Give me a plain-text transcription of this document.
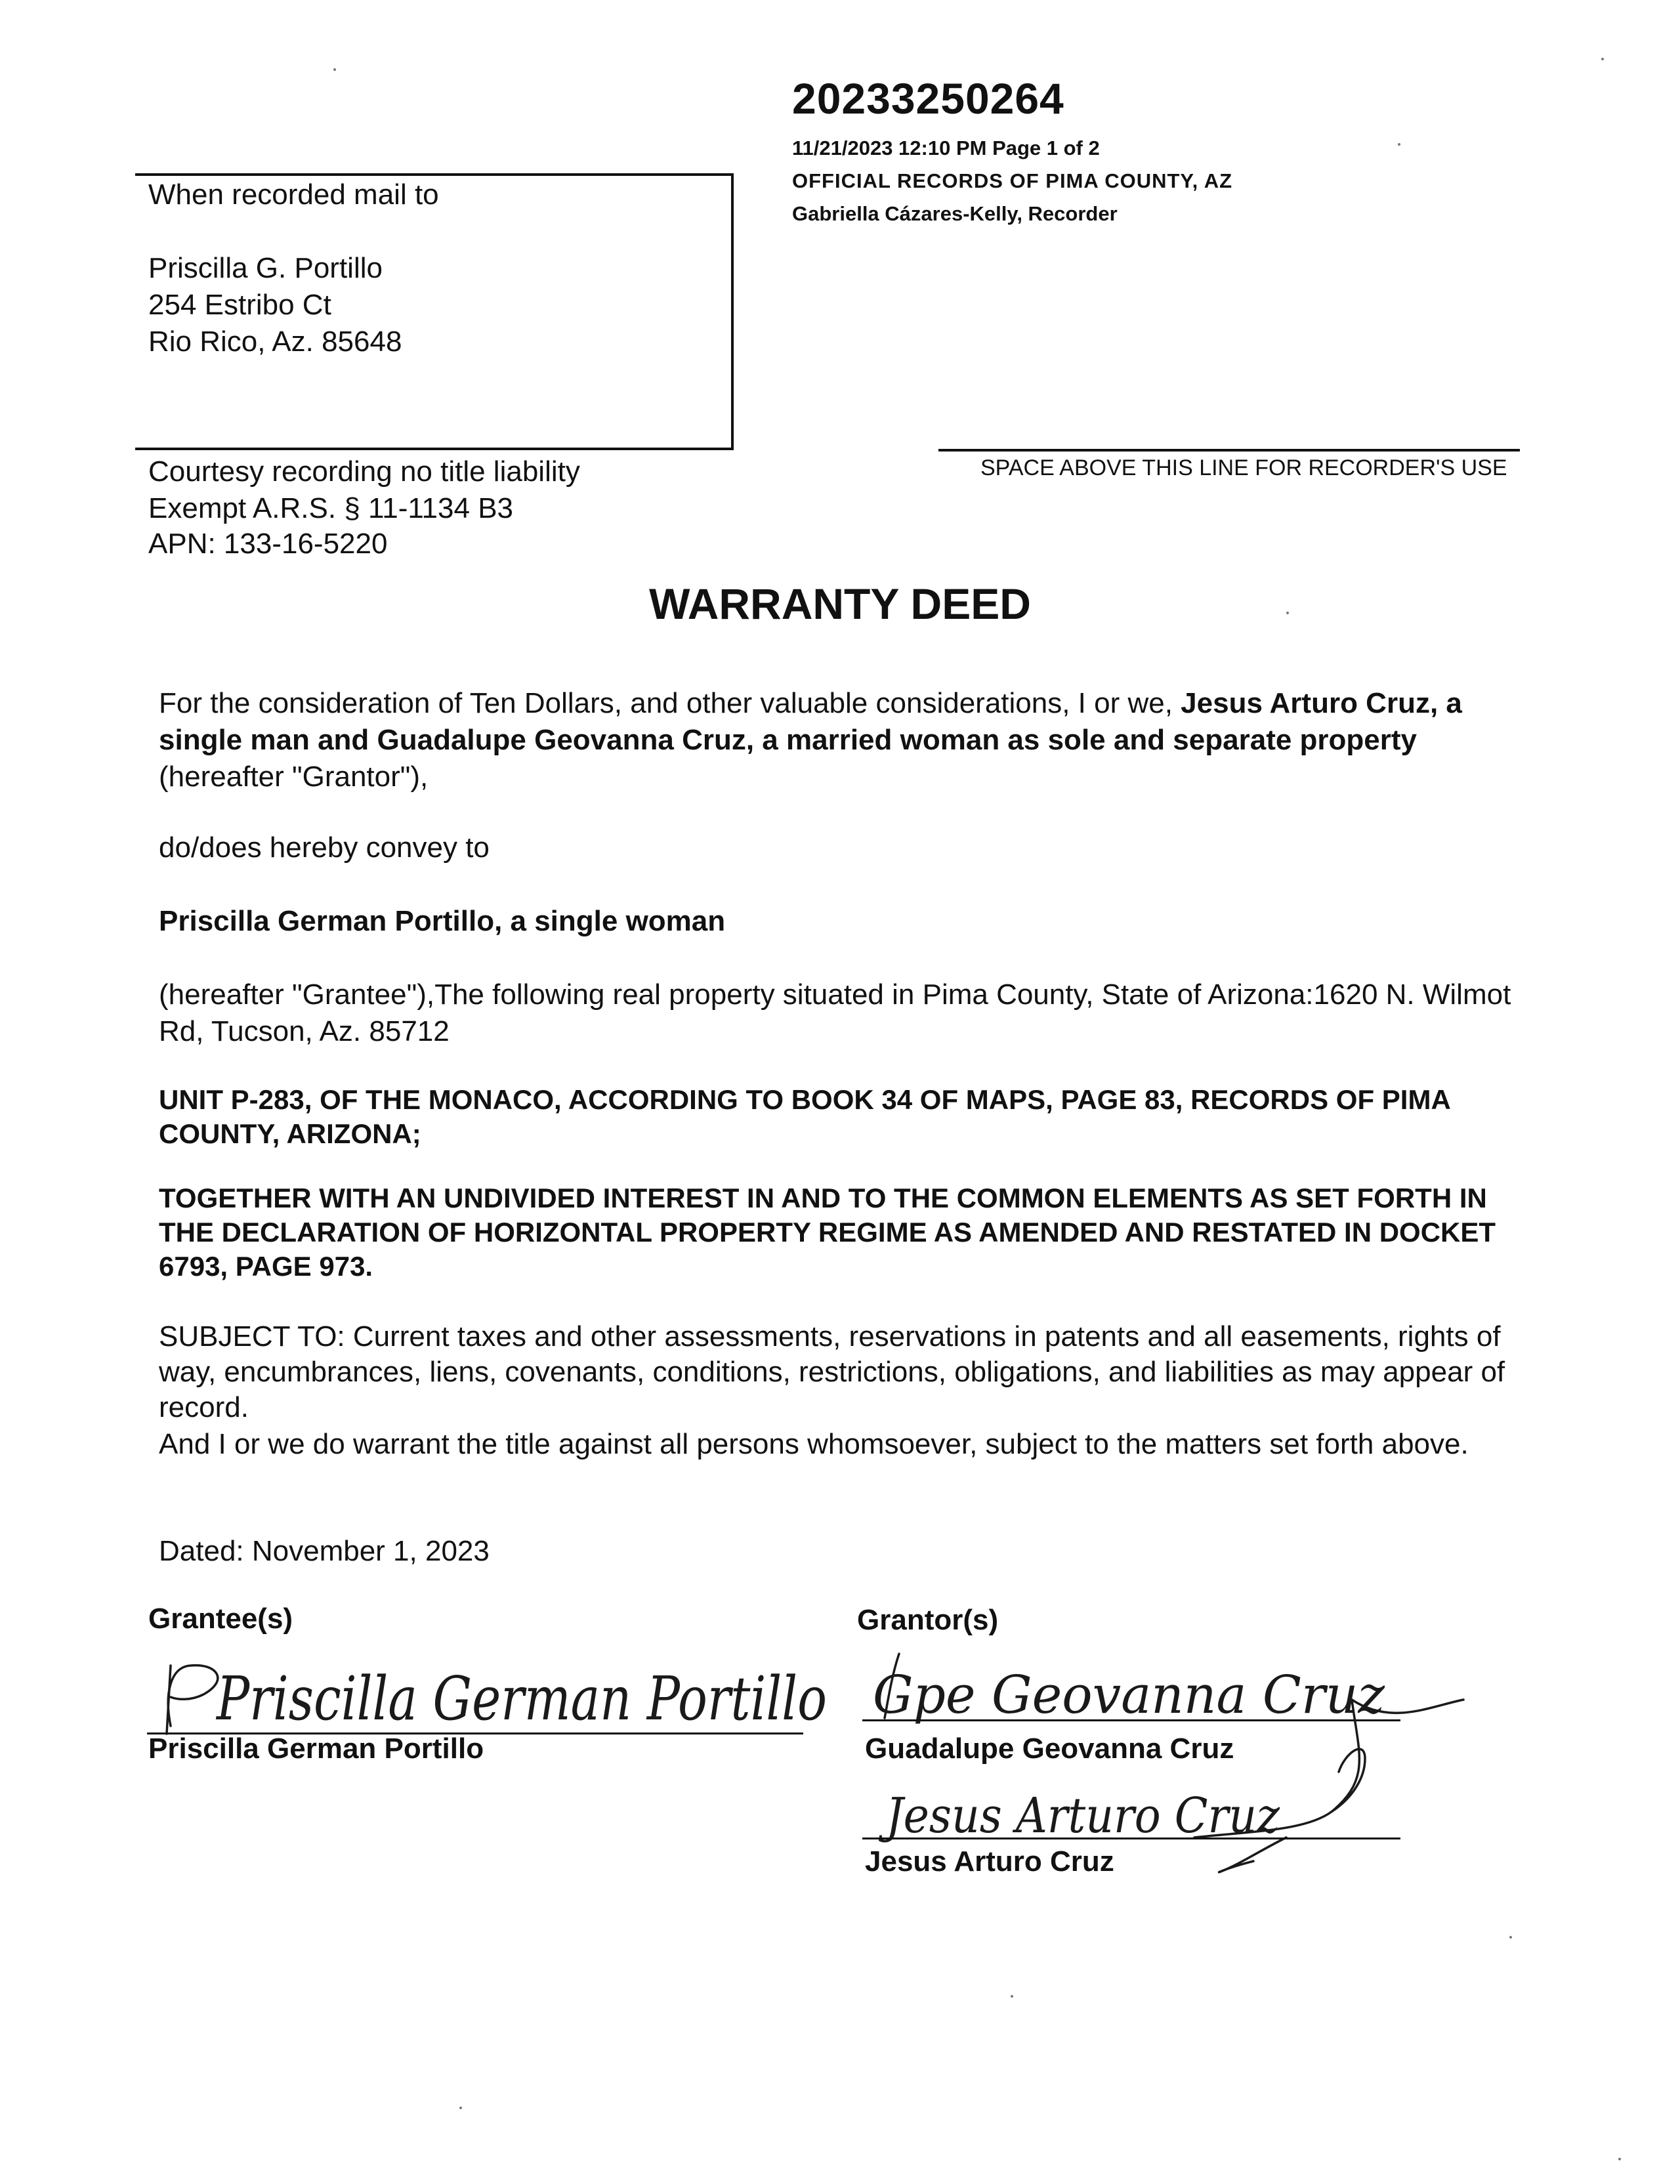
20233250264
11/21/2023 12:10 PM Page 1 of 2
OFFICIAL RECORDS OF PIMA COUNTY, AZ
Gabriella Cázares-Kelly, Recorder
When recorded mail to
Priscilla G. Portillo
254 Estribo Ct
Rio Rico, Az. 85648
SPACE ABOVE THIS LINE FOR RECORDER'S USE
Courtesy recording no title liability
Exempt A.R.S. § 11-1134 B3
APN: 133-16-5220
WARRANTY DEED
For the consideration of Ten Dollars, and other valuable considerations, I or we, Jesus Arturo Cruz, a single man and Guadalupe Geovanna Cruz, a married woman as sole and separate property (hereafter "Grantor"),
do/does hereby convey to
Priscilla German Portillo, a single woman
(hereafter "Grantee"),The following real property situated in Pima County, State of Arizona:1620 N. Wilmot Rd, Tucson, Az. 85712
UNIT P-283, OF THE MONACO, ACCORDING TO BOOK 34 OF MAPS, PAGE 83, RECORDS OF PIMA COUNTY, ARIZONA;
TOGETHER WITH AN UNDIVIDED INTEREST IN AND TO THE COMMON ELEMENTS AS SET FORTH IN THE DECLARATION OF HORIZONTAL PROPERTY REGIME AS AMENDED AND RESTATED IN DOCKET 6793, PAGE 973.
SUBJECT TO: Current taxes and other assessments, reservations in patents and all easements, rights of way, encumbrances, liens, covenants, conditions, restrictions, obligations, and liabilities as may appear of record.
And I or we do warrant the title against all persons whomsoever, subject to the matters set forth above.
Dated: November 1, 2023
Grantee(s)	Grantor(s)
Priscilla German Portillo
Priscilla German Portillo
Gpe Geovanna Cruz
Guadalupe Geovanna Cruz
Jesus Arturo Cruz
Jesus Arturo Cruz
